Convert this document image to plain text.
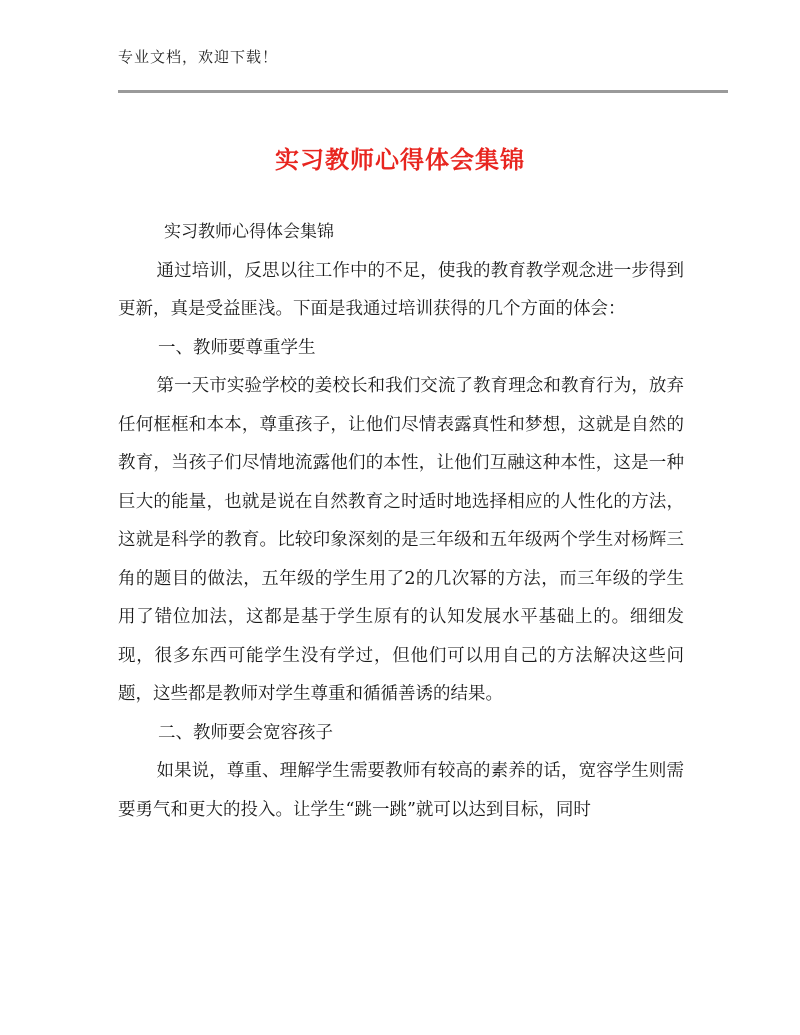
专业文档，欢迎下载！
实习教师心得体会集锦

实习教师心得体会集锦

通过培训，反思以往工作中的不足，使我的教育教学观念进一步得到更新，真是受益匪浅。下面是我通过培训获得的几个方面的体会：

一、教师要尊重学生

第一天市实验学校的姜校长和我们交流了教育理念和教育行为，放弃任何框框和本本，尊重孩子，让他们尽情表露真性和梦想，这就是自然的教育，当孩子们尽情地流露他们的本性，让他们互融这种本性，这是一种巨大的能量，也就是说在自然教育之时适时地选择相应的人性化的方法，这就是科学的教育。比较印象深刻的是三年级和五年级两个学生对杨辉三角的题目的做法，五年级的学生用了2的几次幂的方法，而三年级的学生用了错位加法，这都是基于学生原有的认知发展水平基础上的。细细发现，很多东西可能学生没有学过，但他们可以用自己的方法解决这些问题，这些都是教师对学生尊重和循循善诱的结果。

二、教师要会宽容孩子

如果说，尊重、理解学生需要教师有较高的素养的话，宽容学生则需要勇气和更大的投入。让学生“跳一跳”就可以达到目标，同时
